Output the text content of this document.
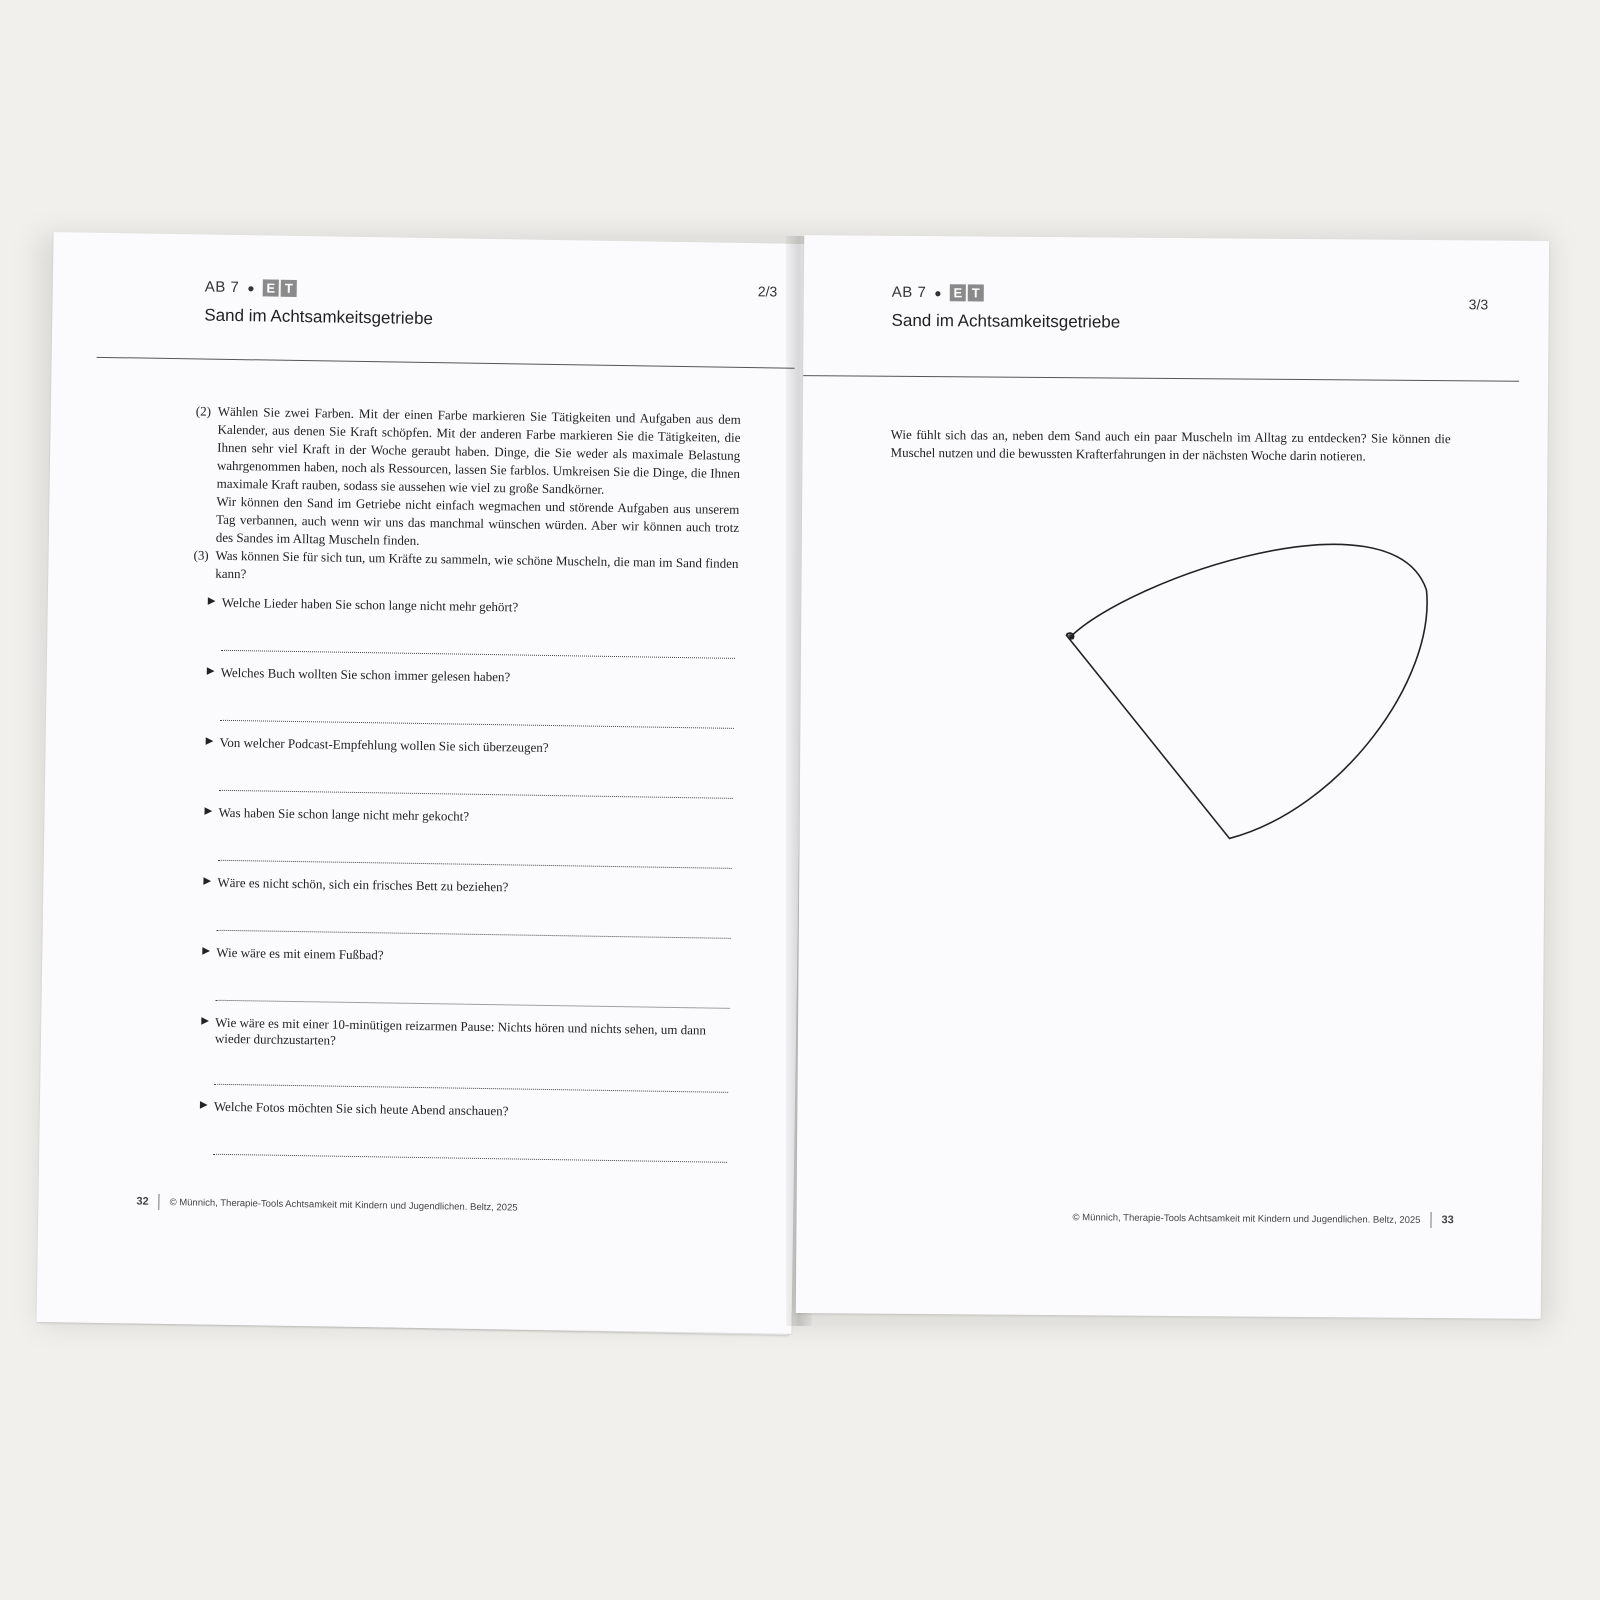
AB 7 ● E T
Sand im Achtsamkeitsgetriebe
2/3
(2) Wählen Sie zwei Farben. Mit der einen Farbe markieren Sie Tätigkeiten und Aufgaben aus dem Kalender, aus denen Sie Kraft schöpfen. Mit der anderen Farbe markieren Sie die Tätigkeiten, die Ihnen sehr viel Kraft in der Woche geraubt haben. Dinge, die Sie weder als maximale Belastung wahrgenommen haben, noch als Ressourcen, lassen Sie farblos. Umkreisen Sie die Dinge, die Ihnen maximale Kraft rauben, sodass sie aussehen wie viel zu große Sandkörner.

Wir können den Sand im Getriebe nicht einfach wegmachen und störende Aufgaben aus unserem Tag verbannen, auch wenn wir uns das manchmal wünschen würden. Aber wir können auch trotz des Sandes im Alltag Muscheln finden.

(3) Was können Sie für sich tun, um Kräfte zu sammeln, wie schöne Muscheln, die man im Sand finden kann?

▶ Welche Lieder haben Sie schon lange nicht mehr gehört?
▶ Welches Buch wollten Sie schon immer gelesen haben?
▶ Von welcher Podcast-Empfehlung wollen Sie sich überzeugen?
▶ Was haben Sie schon lange nicht mehr gekocht?
▶ Wäre es nicht schön, sich ein frisches Bett zu beziehen?
▶ Wie wäre es mit einem Fußbad?
▶ Wie wäre es mit einer 10-minütigen reizarmen Pause: Nichts hören und nichts sehen, um dann wieder durchzustarten?
▶ Welche Fotos möchten Sie sich heute Abend anschauen?
32 © Münnich, Therapie-Tools Achtsamkeit mit Kindern und Jugendlichen. Beltz, 2025
AB 7 ● E T
Sand im Achtsamkeitsgetriebe
3/3
Wie fühlt sich das an, neben dem Sand auch ein paar Muscheln im Alltag zu entdecken? Sie können die Muschel nutzen und die bewussten Krafterfahrungen in der nächsten Woche darin notieren.
© Münnich, Therapie-Tools Achtsamkeit mit Kindern und Jugendlichen. Beltz, 2025 33
